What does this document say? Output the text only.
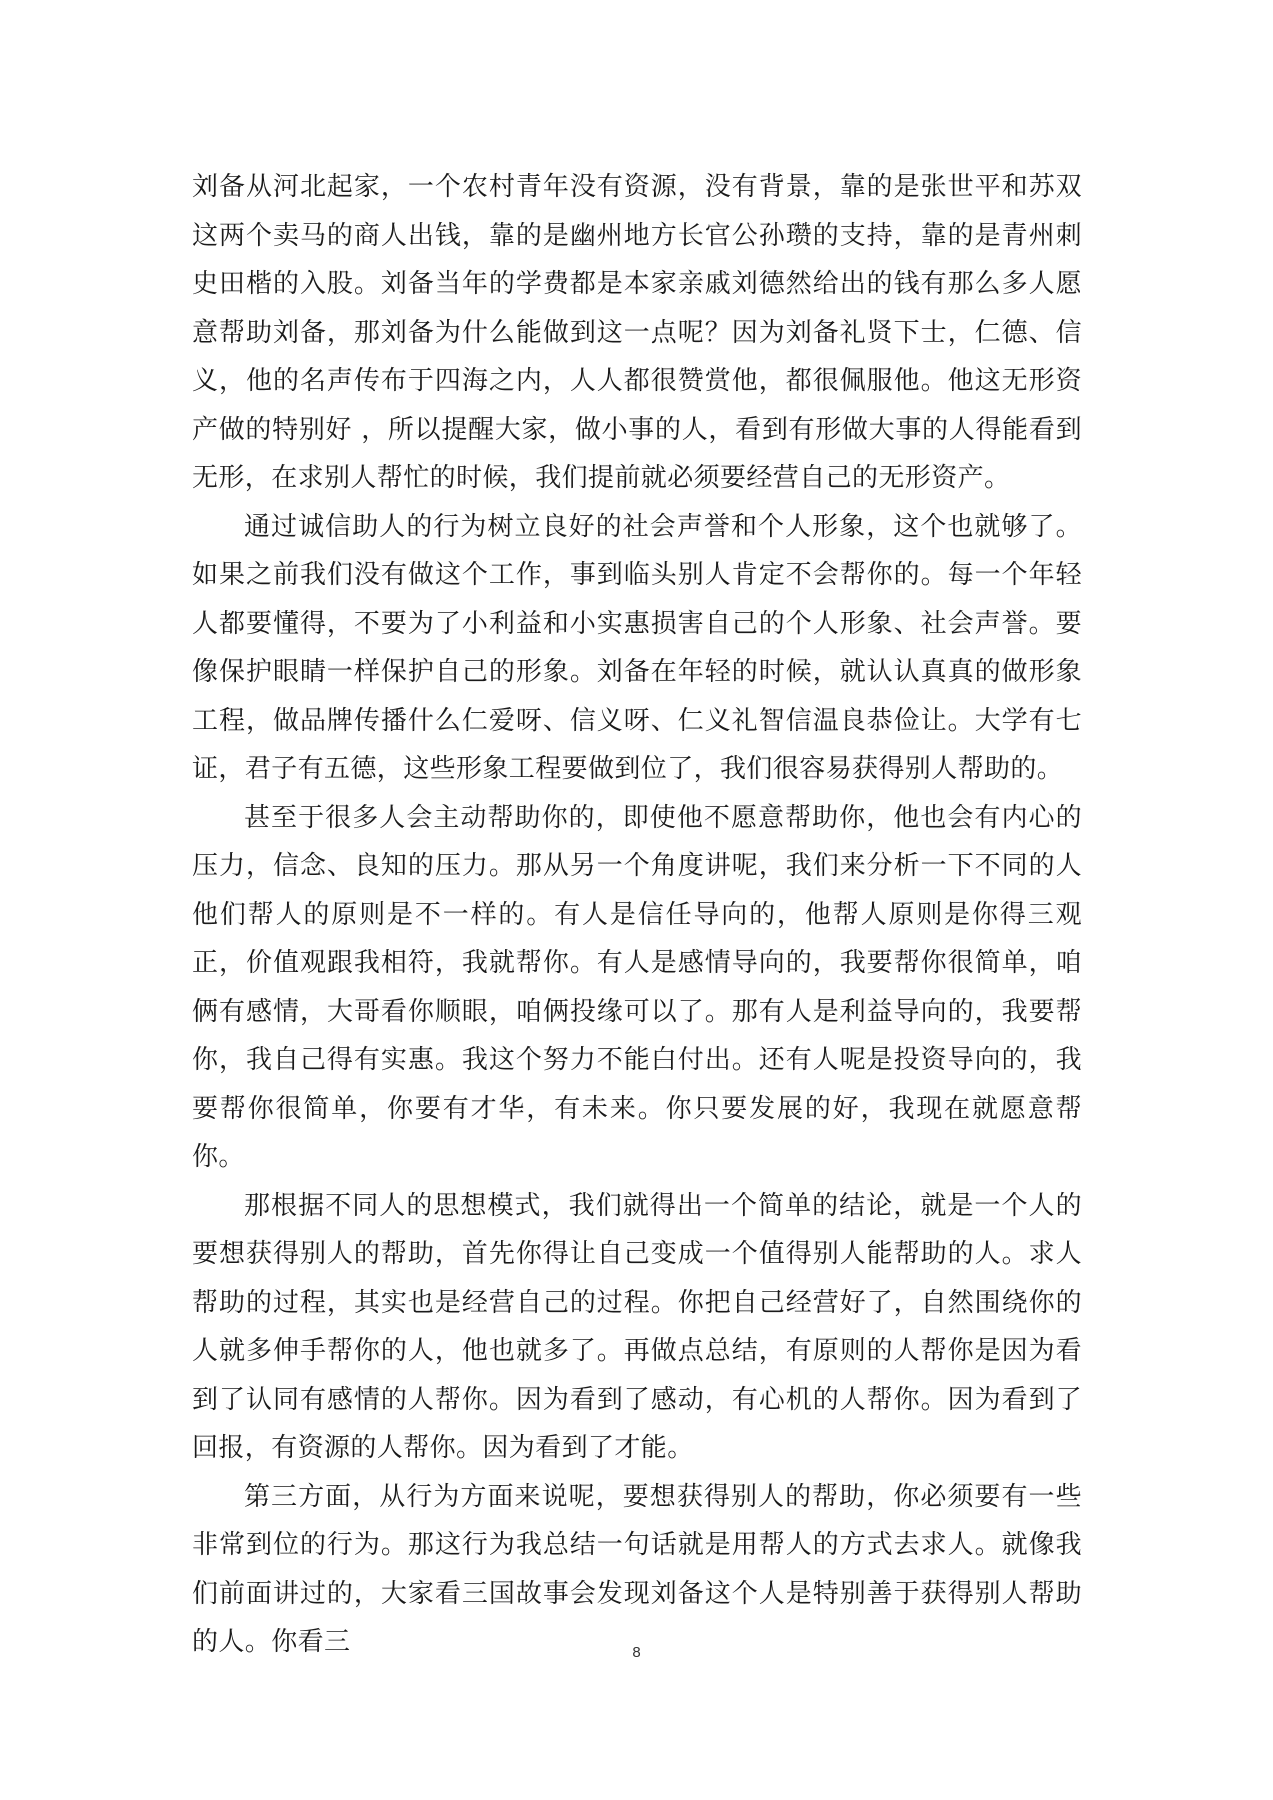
刘备从河北起家，一个农村青年没有资源，没有背景，靠的是张世平和苏双这两个卖马的商人出钱，靠的是幽州地方长官公孙瓒的支持，靠的是青州刺史田楷的入股。刘备当年的学费都是本家亲戚刘德然给出的钱有那么多人愿意帮助刘备，那刘备为什么能做到这一点呢？因为刘备礼贤下士，仁德、信义，他的名声传布于四海之内，人人都很赞赏他，都很佩服他。他这无形资产做的特别好 ，所以提醒大家，做小事的人，看到有形做大事的人得能看到无形，在求别人帮忙的时候，我们提前就必须要经营自己的无形资产。

通过诚信助人的行为树立良好的社会声誉和个人形象，这个也就够了。如果之前我们没有做这个工作，事到临头别人肯定不会帮你的。每一个年轻人都要懂得，不要为了小利益和小实惠损害自己的个人形象、社会声誉。要像保护眼睛一样保护自己的形象。刘备在年轻的时候，就认认真真的做形象工程，做品牌传播什么仁爱呀、信义呀、仁义礼智信温良恭俭让。大学有七证，君子有五德，这些形象工程要做到位了，我们很容易获得别人帮助的。

甚至于很多人会主动帮助你的，即使他不愿意帮助你，他也会有内心的压力，信念、良知的压力。那从另一个角度讲呢，我们来分析一下不同的人他们帮人的原则是不一样的。有人是信任导向的，他帮人原则是你得三观正，价值观跟我相符，我就帮你。有人是感情导向的，我要帮你很简单，咱俩有感情，大哥看你顺眼，咱俩投缘可以了。那有人是利益导向的，我要帮你，我自己得有实惠。我这个努力不能白付出。还有人呢是投资导向的，我要帮你很简单，你要有才华，有未来。你只要发展的好，我现在就愿意帮你。

那根据不同人的思想模式，我们就得出一个简单的结论，就是一个人的要想获得别人的帮助，首先你得让自己变成一个值得别人能帮助的人。求人帮助的过程，其实也是经营自己的过程。你把自己经营好了，自然围绕你的人就多伸手帮你的人，他也就多了。再做点总结，有原则的人帮你是因为看到了认同有感情的人帮你。因为看到了感动，有心机的人帮你。因为看到了回报，有资源的人帮你。因为看到了才能。

第三方面，从行为方面来说呢，要想获得别人的帮助，你必须要有一些非常到位的行为。那这行为我总结一句话就是用帮人的方式去求人。就像我们前面讲过的，大家看三国故事会发现刘备这个人是特别善于获得别人帮助的人。你看三	8
